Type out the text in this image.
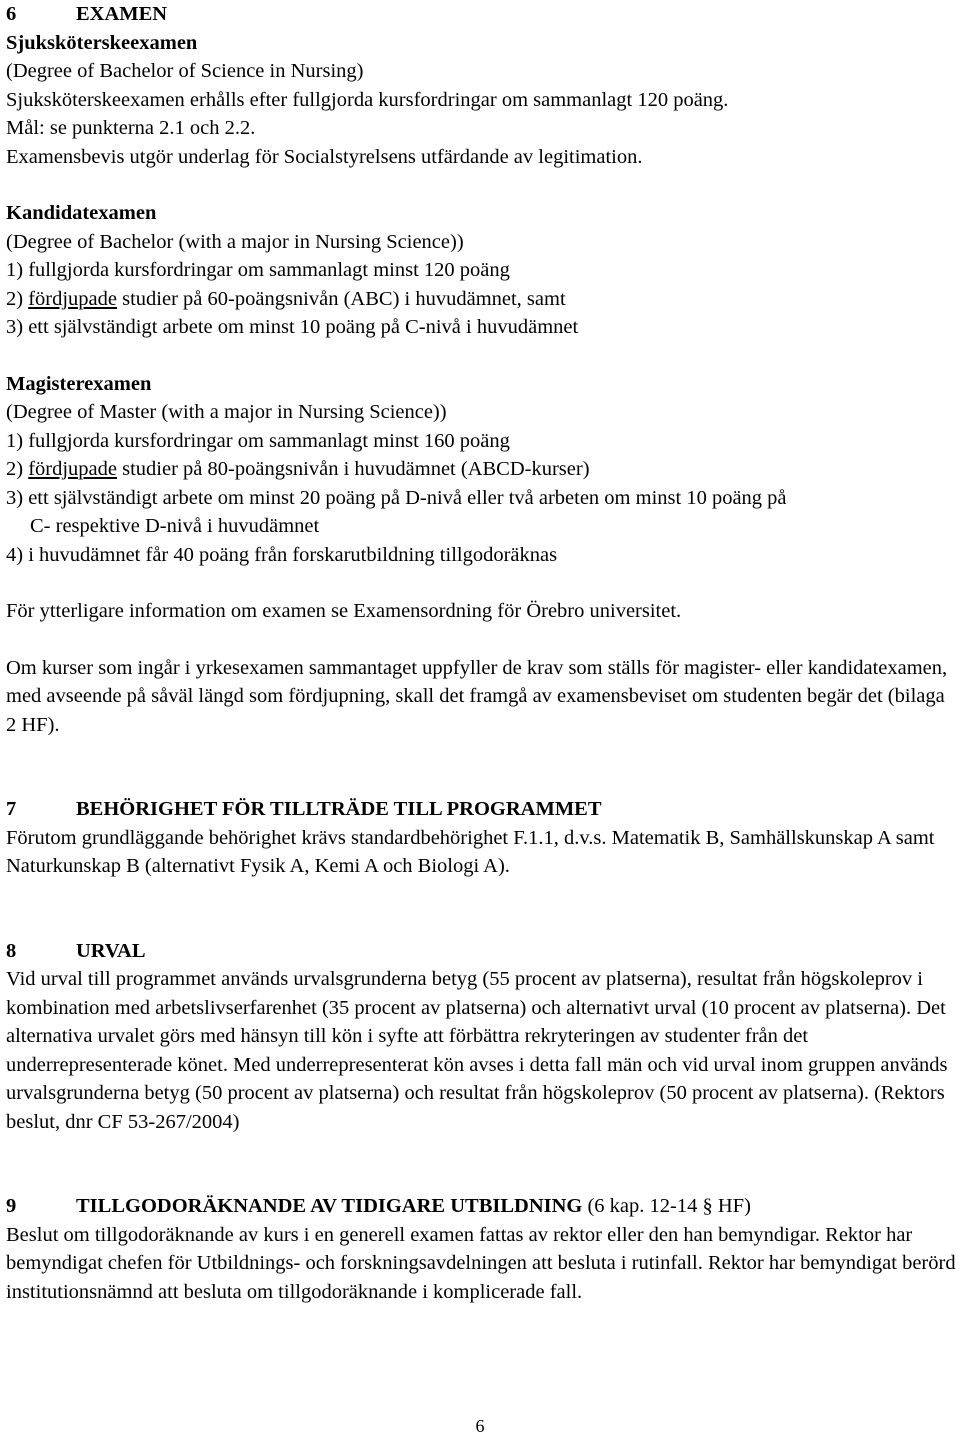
6	EXAMEN
Sjuksköterskeexamen
(Degree of Bachelor of Science in Nursing)
Sjuksköterskeexamen erhålls efter fullgjorda kursfordringar om sammanlagt 120 poäng.
Mål: se punkterna 2.1 och 2.2.
Examensbevis utgör underlag för Socialstyrelsens utfärdande av legitimation.
Kandidatexamen
(Degree of Bachelor (with a major in Nursing Science))
1) fullgjorda kursfordringar om sammanlagt minst 120 poäng
2) fördjupade studier på 60-poängsnivån (ABC) i huvudämnet, samt
3) ett självständigt arbete om minst 10 poäng på C-nivå i huvudämnet
Magisterexamen
(Degree of Master (with a major in Nursing Science))
1) fullgjorda kursfordringar om sammanlagt minst 160 poäng
2) fördjupade studier på 80-poängsnivån i huvudämnet (ABCD-kurser)
3) ett självständigt arbete om minst 20 poäng på D-nivå eller två arbeten om minst 10 poäng på
C- respektive D-nivå i huvudämnet
4) i huvudämnet får 40 poäng från forskarutbildning tillgodoräknas
För ytterligare information om examen se Examensordning för Örebro universitet.

Om kurser som ingår i yrkesexamen sammantaget uppfyller de krav som ställs för magister- eller kandidatexamen, med avseende på såväl längd som fördjupning, skall det framgå av examensbeviset om studenten begär det (bilaga 2 HF).

7	BEHÖRIGHET FÖR TILLTRÄDE TILL PROGRAMMET

Förutom grundläggande behörighet krävs standardbehörighet F.1.1, d.v.s. Matematik B, Samhällskunskap A samt Naturkunskap B (alternativt Fysik A, Kemi A och Biologi A).

8	URVAL

Vid urval till programmet används urvalsgrunderna betyg (55 procent av platserna), resultat från högskoleprov i kombination med arbetslivserfarenhet (35 procent av platserna) och alternativt urval (10 procent av platserna). Det alternativa urvalet görs med hänsyn till kön i syfte att förbättra rekryteringen av studenter från det underrepresenterade könet. Med underrepresenterat kön avses i detta fall män och vid urval inom gruppen används urvalsgrunderna betyg (50 procent av platserna) och resultat från högskoleprov (50 procent av platserna). (Rektors beslut, dnr CF 53-267/2004)

9	TILLGODORÄKNANDE AV TIDIGARE UTBILDNING (6 kap. 12-14 § HF)

Beslut om tillgodoräknande av kurs i en generell examen fattas av rektor eller den han bemyndigar. Rektor har bemyndigat chefen för Utbildnings- och forskningsavdelningen att besluta i rutinfall. Rektor har bemyndigat berörd institutionsnämnd att besluta om tillgodoräknande i komplicerade fall.

6
